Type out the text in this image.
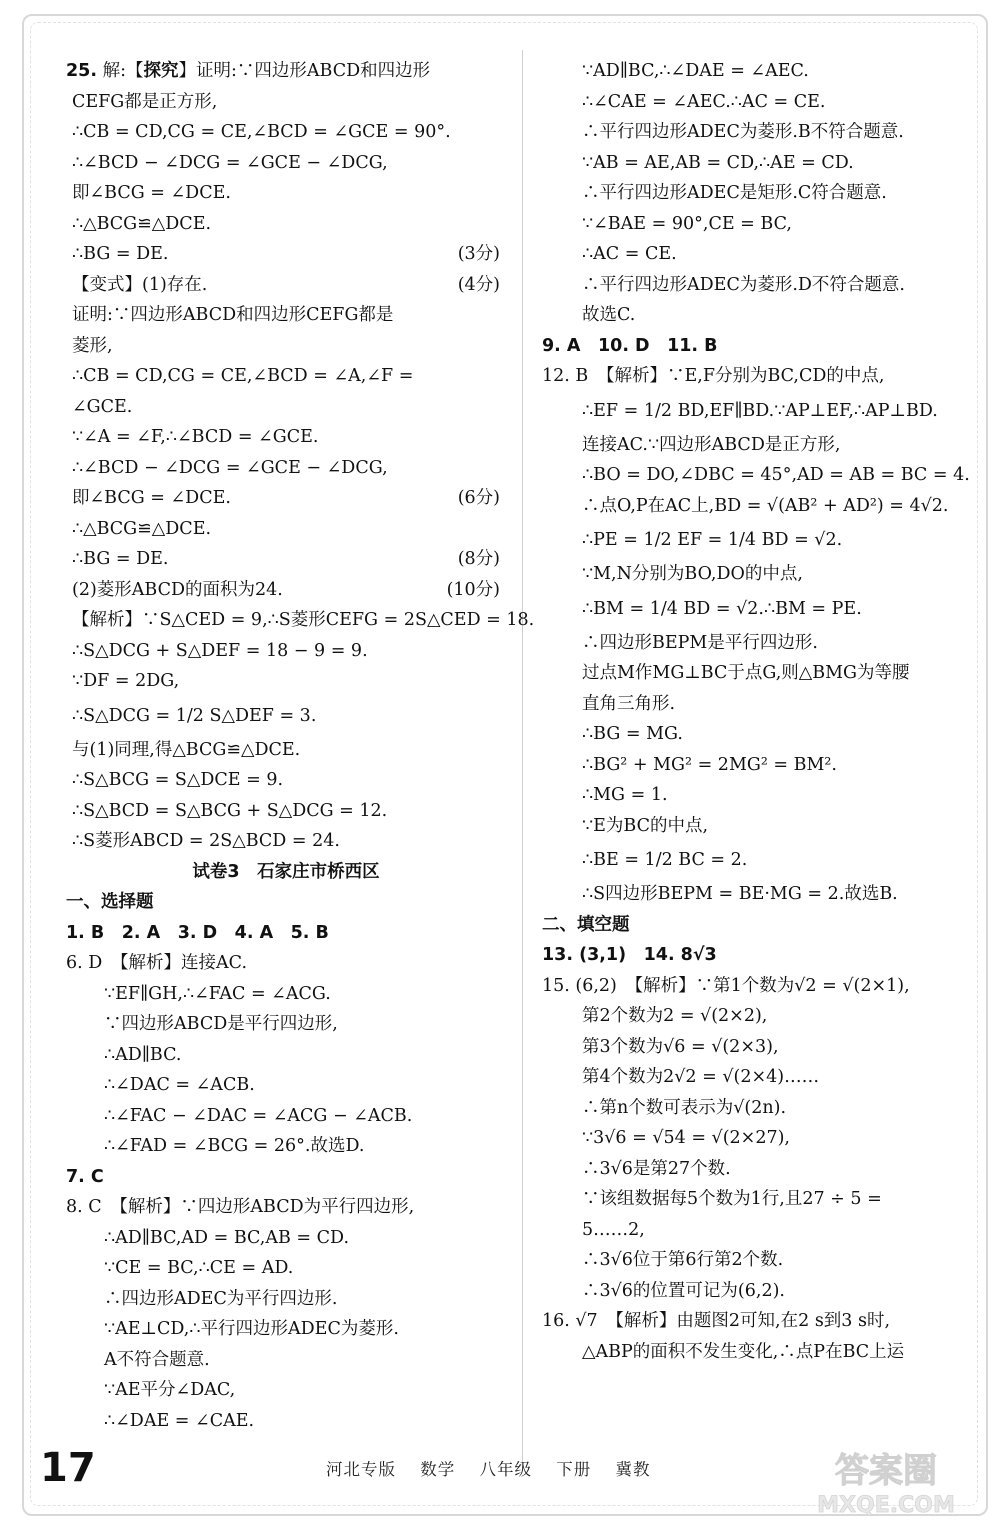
25. 解:【探究】证明:∵四边形ABCD和四边形
CEFG都是正方形,
∴CB = CD,CG = CE,∠BCD = ∠GCE = 90°.
∴∠BCD − ∠DCG = ∠GCE − ∠DCG,
即∠BCG = ∠DCE.
∴△BCG≌△DCE.
∴BG = DE.	(3分)
【变式】(1)存在.	(4分)
证明:∵四边形ABCD和四边形CEFG都是
菱形,
∴CB = CD,CG = CE,∠BCD = ∠A,∠F =
∠GCE.
∵∠A = ∠F,∴∠BCD = ∠GCE.
∴∠BCD − ∠DCG = ∠GCE − ∠DCG,
即∠BCG = ∠DCE.	(6分)
∴△BCG≌△DCE.
∴BG = DE.	(8分)
(2)菱形ABCD的面积为24.	(10分)
【解析】∵S△CED = 9,∴S菱形CEFG = 2S△CED = 18.
∴S△DCG + S△DEF = 18 − 9 = 9.
∵DF = 2DG,
∴S△DCG = 1/2 S△DEF = 3.
与(1)同理,得△BCG≌△DCE.
∴S△BCG = S△DCE = 9.
∴S△BCD = S△BCG + S△DCG = 12.
∴S菱形ABCD = 2S△BCD = 24.
试卷3　石家庄市桥西区
一、选择题
1. B　2. A　3. D　4. A　5. B
6. D　【解析】连接AC.
∵EF∥GH,∴∠FAC = ∠ACG.
∵四边形ABCD是平行四边形,
∴AD∥BC.
∴∠DAC = ∠ACB.
∴∠FAC − ∠DAC = ∠ACG − ∠ACB.
∴∠FAD = ∠BCG = 26°.故选D.
7. C
8. C　【解析】∵四边形ABCD为平行四边形,
∴AD∥BC,AD = BC,AB = CD.
∵CE = BC,∴CE = AD.
∴四边形ADEC为平行四边形.
∵AE⊥CD,∴平行四边形ADEC为菱形.
A不符合题意.
∵AE平分∠DAC,
∴∠DAE = ∠CAE.
∵AD∥BC,∴∠DAE = ∠AEC.
∴∠CAE = ∠AEC.∴AC = CE.
∴平行四边形ADEC为菱形.B不符合题意.
∵AB = AE,AB = CD,∴AE = CD.
∴平行四边形ADEC是矩形.C符合题意.
∵∠BAE = 90°,CE = BC,
∴AC = CE.
∴平行四边形ADEC为菱形.D不符合题意.
故选C.
9. A　10. D　11. B
12. B　【解析】∵E,F分别为BC,CD的中点,
∴EF = 1/2 BD,EF∥BD.∵AP⊥EF,∴AP⊥BD.
连接AC.∵四边形ABCD是正方形,
∴BO = DO,∠DBC = 45°,AD = AB = BC = 4.
∴点O,P在AC上,BD = √(AB² + AD²) = 4√2.
∴PE = 1/2 EF = 1/4 BD = √2.
∵M,N分别为BO,DO的中点,
∴BM = 1/4 BD = √2.∴BM = PE.
∴四边形BEPM是平行四边形.
过点M作MG⊥BC于点G,则△BMG为等腰
直角三角形.
∴BG = MG.
∴BG² + MG² = 2MG² = BM².
∴MG = 1.
∵E为BC的中点,
∴BE = 1/2 BC = 2.
∴S四边形BEPM = BE·MG = 2.故选B.
二、填空题
13. (3,1)　14. 8√3
15. (6,2)　【解析】∵第1个数为√2 = √(2×1),
第2个数为2 = √(2×2),
第3个数为√6 = √(2×3),
第4个数为2√2 = √(2×4)……
∴第n个数可表示为√(2n).
∵3√6 = √54 = √(2×27),
∴3√6是第27个数.
∵该组数据每5个数为1行,且27 ÷ 5 =
5……2,
∴3√6位于第6行第2个数.
∴3√6的位置可记为(6,2).
16. √7　【解析】由题图2可知,在2 s到3 s时,
△ABP的面积不发生变化,∴点P在BC上运
17	河北专版 数学 八年级 下册 冀教	答案圈
MXQE.COM
